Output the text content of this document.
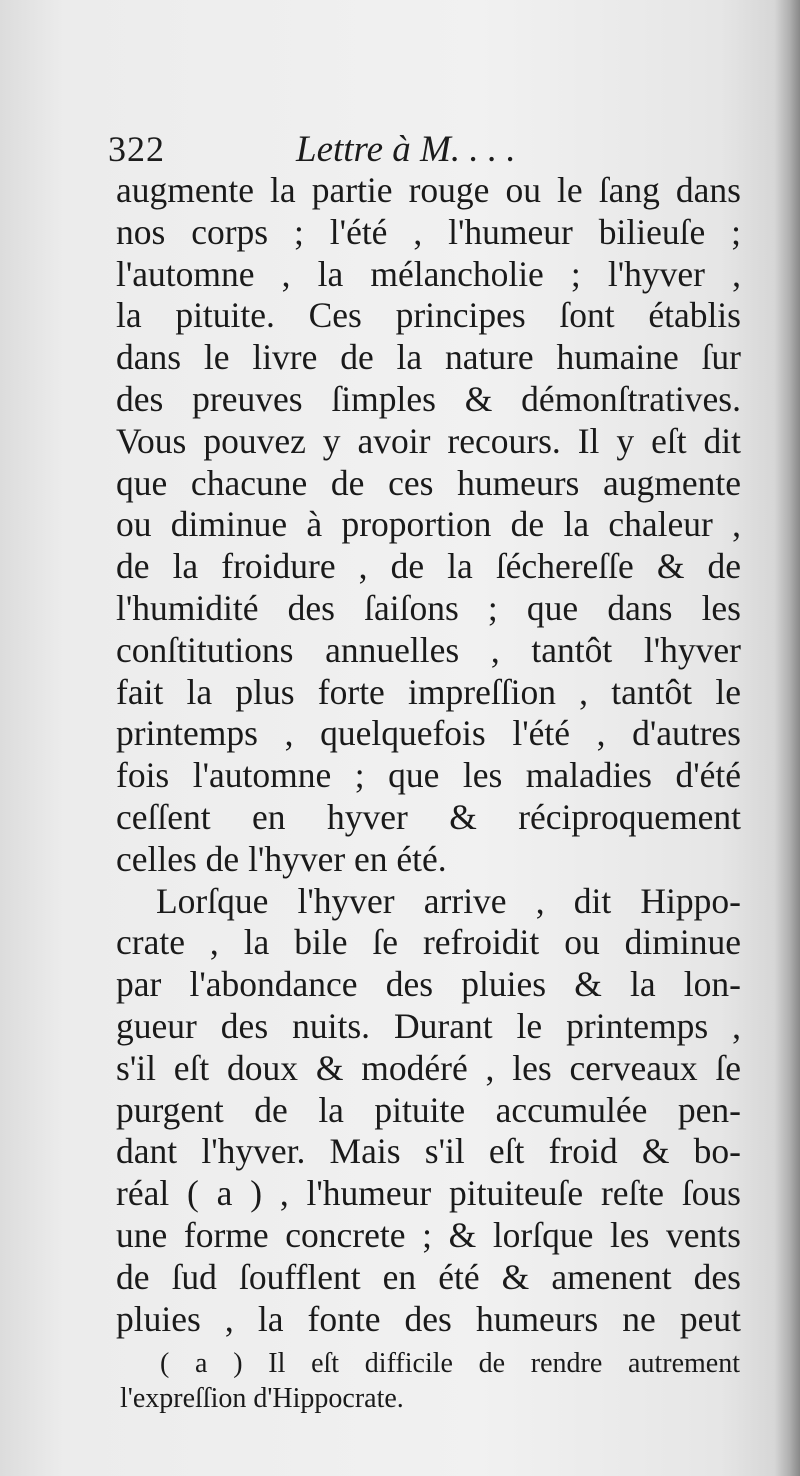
322	Lettre à M. . . .
augmente la partie rouge ou le ſang dans
nos corps ; l'été , l'humeur bilieuſe ;
l'automne , la mélancholie ; l'hyver ,
la pituite. Ces principes ſont établis
dans le livre de la nature humaine ſur
des preuves ſimples & démonſtratives.
Vous pouvez y avoir recours. Il y eſt dit
que chacune de ces humeurs augmente
ou diminue à proportion de la chaleur ,
de la froidure , de la ſéchereſſe & de
l'humidité des ſaiſons ; que dans les
conſtitutions annuelles , tantôt l'hyver
fait la plus forte impreſſion , tantôt le
printemps , quelquefois l'été , d'autres
fois l'automne ; que les maladies d'été
ceſſent en hyver & réciproquement
celles de l'hyver en été.
Lorſque l'hyver arrive , dit Hippo-
crate , la bile ſe refroidit ou diminue
par l'abondance des pluies & la lon-
gueur des nuits. Durant le printemps ,
s'il eſt doux & modéré , les cerveaux ſe
purgent de la pituite accumulée pen-
dant l'hyver. Mais s'il eſt froid & bo-
réal ( a ) , l'humeur pituiteuſe reſte ſous
une forme concrete ; & lorſque les vents
de ſud ſoufflent en été & amenent des
pluies , la fonte des humeurs ne peut
( a ) Il eſt difficile de rendre autrement
l'expreſſion d'Hippocrate.
